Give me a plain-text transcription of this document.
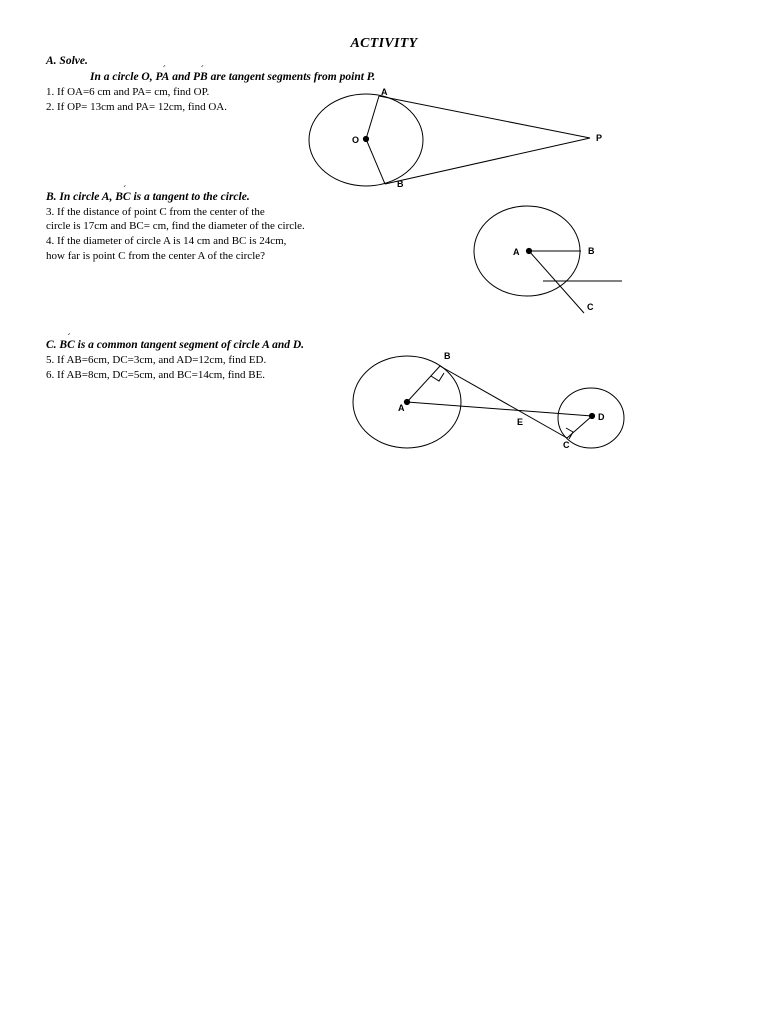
ACTIVITY
A. Solve.
In a circle O, ´ PA and ´ PB are tangent segments from point P.
1. If OA=6 cm and PA= cm, find OP.
2. If OP= 13cm and PA= 12cm, find OA.
B. In circle A, ´ BC is a tangent to the circle.
3. If the distance of point C from the center of the
circle is 17cm and BC= cm, find the diameter of the circle.
4. If the diameter of circle A is 14 cm and BC is 24cm,
how far is point C from the center A of the circle?
C. ´ BC is a common tangent segment of circle A and D.
5. If AB=6cm, DC=3cm, and AD=12cm, find ED.
6. If AB=8cm, DC=5cm, and BC=14cm, find BE.
A
O	P
B
A	B
C
B
A
E	D
C
